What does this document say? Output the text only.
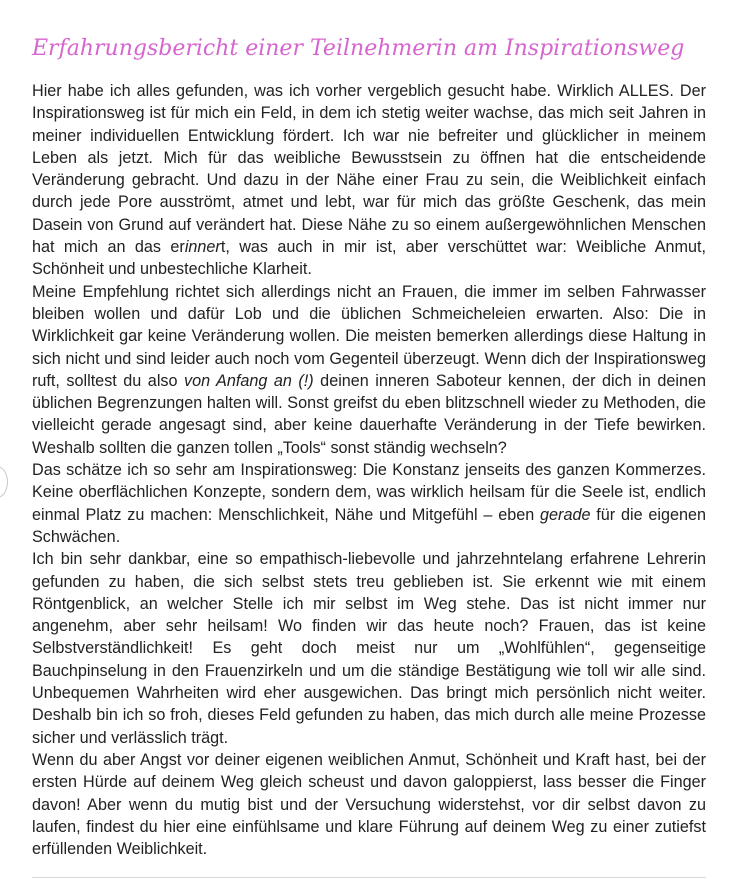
Erfahrungsbericht einer Teilnehmerin am Inspirationsweg

Hier habe ich alles gefunden, was ich vorher vergeblich gesucht habe. Wirklich ALLES. Der Inspirationsweg ist für mich ein Feld, in dem ich stetig weiter wachse, das mich seit Jahren in meiner individuellen Entwicklung fördert. Ich war nie befreiter und glücklicher in meinem Leben als jetzt. Mich für das weibliche Bewusstsein zu öffnen hat die entscheidende Veränderung gebracht. Und dazu in der Nähe einer Frau zu sein, die Weiblichkeit einfach durch jede Pore ausströmt, atmet und lebt, war für mich das größte Geschenk, das mein Dasein von Grund auf verändert hat. Diese Nähe zu so einem außergewöhnlichen Menschen hat mich an das erinnert, was auch in mir ist, aber verschüttet war: Weibliche Anmut, Schönheit und unbestechliche Klarheit.

Meine Empfehlung richtet sich allerdings nicht an Frauen, die immer im selben Fahrwasser bleiben wollen und dafür Lob und die üblichen Schmeicheleien erwarten. Also: Die in Wirklichkeit gar keine Veränderung wollen. Die meisten bemerken allerdings diese Haltung in sich nicht und sind leider auch noch vom Gegenteil überzeugt. Wenn dich der Inspirationsweg ruft, solltest du also von Anfang an (!) deinen inneren Saboteur kennen, der dich in deinen üblichen Begrenzungen halten will. Sonst greifst du eben blitzschnell wieder zu Methoden, die vielleicht gerade angesagt sind, aber keine dauerhafte Veränderung in der Tiefe bewirken. Weshalb sollten die ganzen tollen „Tools“ sonst ständig wechseln?

Das schätze ich so sehr am Inspirationsweg: Die Konstanz jenseits des ganzen Kommerzes. Keine oberflächlichen Konzepte, sondern dem, was wirklich heilsam für die Seele ist, endlich einmal Platz zu machen: Menschlichkeit, Nähe und Mitgefühl – eben gerade für die eigenen Schwächen.

Ich bin sehr dankbar, eine so empathisch-liebevolle und jahrzehntelang erfahrene Lehrerin gefunden zu haben, die sich selbst stets treu geblieben ist. Sie erkennt wie mit einem Röntgenblick, an welcher Stelle ich mir selbst im Weg stehe. Das ist nicht immer nur angenehm, aber sehr heilsam! Wo finden wir das heute noch? Frauen, das ist keine Selbstverständlichkeit! Es geht doch meist nur um „Wohlfühlen“, gegenseitige Bauchpinselung in den Frauenzirkeln und um die ständige Bestätigung wie toll wir alle sind. Unbequemen Wahrheiten wird eher ausgewichen. Das bringt mich persönlich nicht weiter. Deshalb bin ich so froh, dieses Feld gefunden zu haben, das mich durch alle meine Prozesse sicher und verlässlich trägt.

Wenn du aber Angst vor deiner eigenen weiblichen Anmut, Schönheit und Kraft hast, bei der ersten Hürde auf deinem Weg gleich scheust und davon galoppierst, lass besser die Finger davon! Aber wenn du mutig bist und der Versuchung widerstehst, vor dir selbst davon zu laufen, findest du hier eine einfühlsame und klare Führung auf deinem Weg zu einer zutiefst erfüllenden Weiblichkeit.
